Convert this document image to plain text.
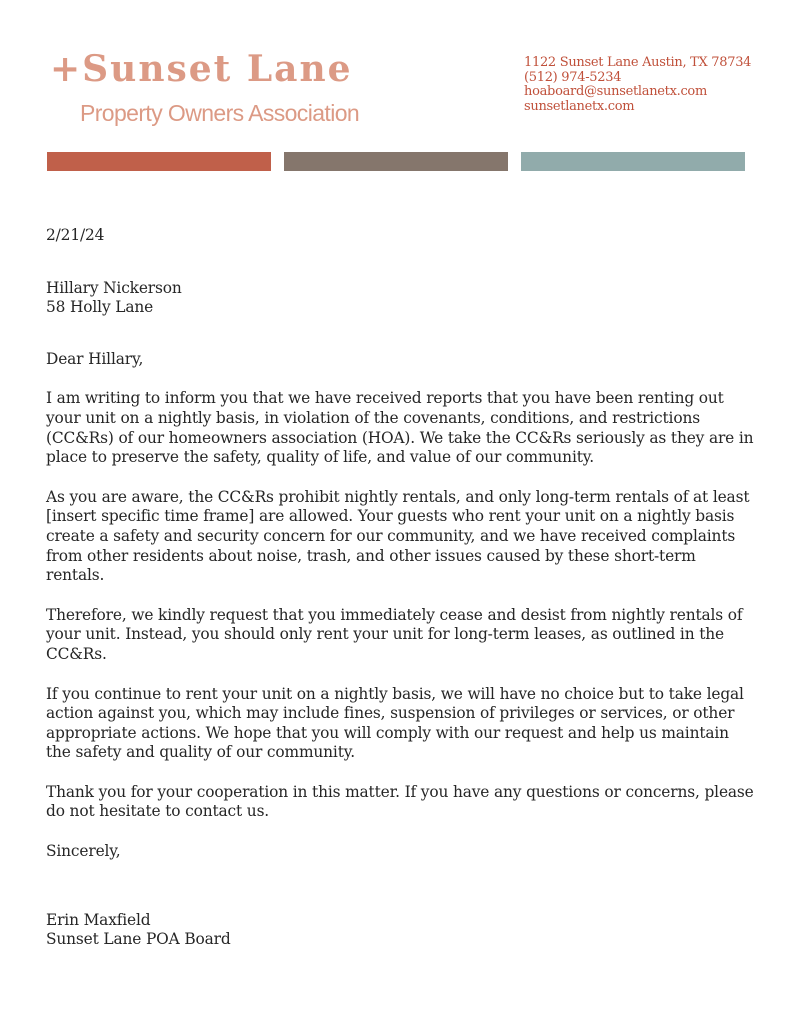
+Sunset Lane
Property Owners Association
1122 Sunset Lane Austin, TX 78734
(512) 974-5234
hoaboard@sunsetlanetx.com
sunsetlanetx.com

2/21/24

Hillary Nickerson

58 Holly Lane

Dear Hillary,

I am writing to inform you that we have received reports that you have been renting out your unit on a nightly basis, in violation of the covenants, conditions, and restrictions (CC&Rs) of our homeowners association (HOA). We take the CC&Rs seriously as they are in place to preserve the safety, quality of life, and value of our community.

As you are aware, the CC&Rs prohibit nightly rentals, and only long-term rentals of at least [insert specific time frame] are allowed. Your guests who rent your unit on a nightly basis create a safety and security concern for our community, and we have received complaints from other residents about noise, trash, and other issues caused by these short-term rentals.

Therefore, we kindly request that you immediately cease and desist from nightly rentals of your unit. Instead, you should only rent your unit for long-term leases, as outlined in the CC&Rs.

If you continue to rent your unit on a nightly basis, we will have no choice but to take legal action against you, which may include fines, suspension of privileges or services, or other appropriate actions. We hope that you will comply with our request and help us maintain the safety and quality of our community.

Thank you for your cooperation in this matter. If you have any questions or concerns, please do not hesitate to contact us.

Sincerely,

Erin Maxfield

Sunset Lane POA Board
